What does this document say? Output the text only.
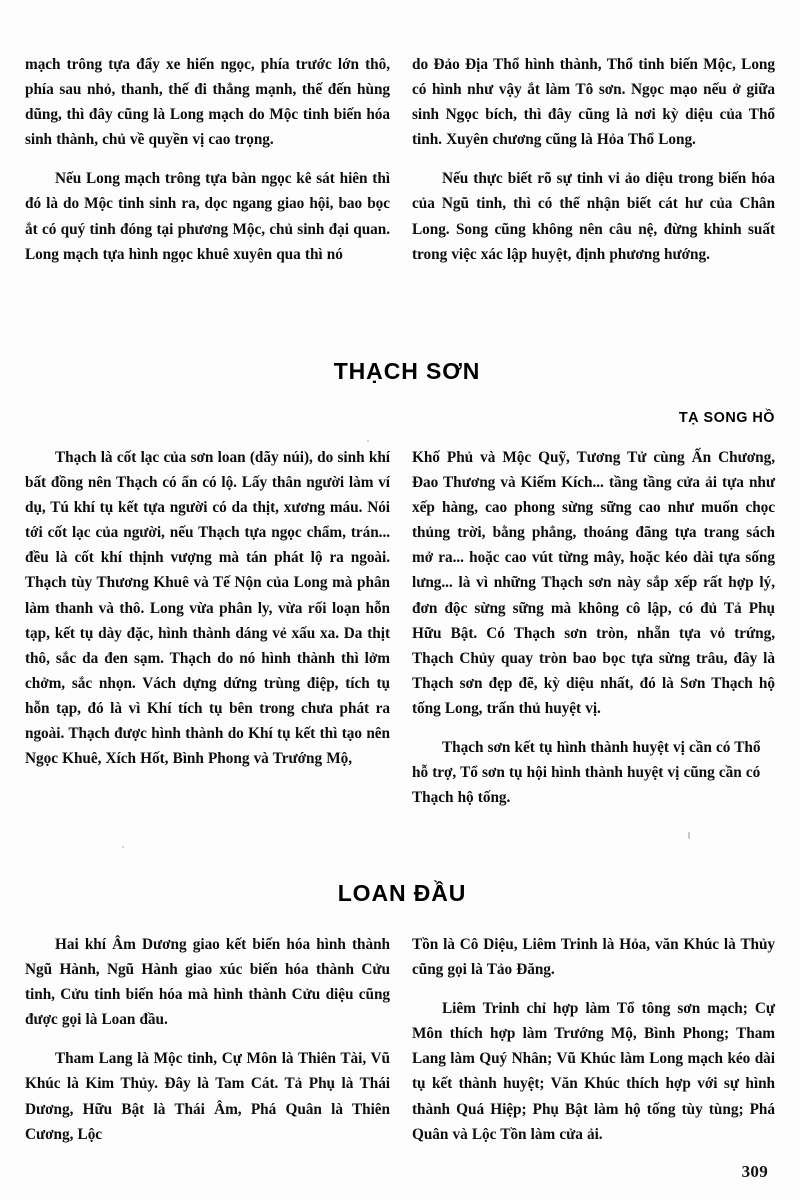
mạch trông tựa đẩy xe hiến ngọc, phía trước lớn thô, phía sau nhỏ, thanh, thế đi thẳng mạnh, thế đến hùng dũng, thì đây cũng là Long mạch do Mộc tinh biến hóa sinh thành, chủ về quyền vị cao trọng.

Nếu Long mạch trông tựa bàn ngọc kê sát hiên thì đó là do Mộc tinh sinh ra, dọc ngang giao hội, bao bọc ắt có quý tinh đóng tại phương Mộc, chủ sinh đại quan. Long mạch tựa hình ngọc khuê xuyên qua thì nó

do Đảo Địa Thổ hình thành, Thổ tinh biến Mộc, Long có hình như vậy ắt làm Tô sơn. Ngọc mạo nếu ở giữa sinh Ngọc bích, thì đây cũng là nơi kỳ diệu của Thổ tinh. Xuyên chương cũng là Hỏa Thổ Long.

Nếu thực biết rõ sự tinh vi ảo diệu trong biến hóa của Ngũ tinh, thì có thể nhận biết cát hư của Chân Long. Song cũng không nên câu nệ, đừng khinh suất trong việc xác lập huyệt, định phương hướng.

THẠCH SƠN
TẠ SONG HỒ

Thạch là cốt lạc của sơn loan (dãy núi), do sinh khí bất đồng nên Thạch có ẩn có lộ. Lấy thân người làm ví dụ, Tú khí tụ kết tựa người có da thịt, xương máu. Nói tới cốt lạc của người, nếu Thạch tựa ngọc chẩm, trán... đều là cốt khí thịnh vượng mà tán phát lộ ra ngoài. Thạch tùy Thương Khuê và Tế Nộn của Long mà phân làm thanh và thô. Long vừa phân ly, vừa rối loạn hỗn tạp, kết tụ dày đặc, hình thành dáng vẻ xấu xa. Da thịt thô, sắc da đen sạm. Thạch do nó hình thành thì lởm chởm, sắc nhọn. Vách dựng dứng trùng điệp, tích tụ hỗn tạp, đó là vì Khí tích tụ bên trong chưa phát ra ngoài. Thạch được hình thành do Khí tụ kết thì tạo nên Ngọc Khuê, Xích Hốt, Bình Phong và Trướng Mộ,

Khố Phủ và Mộc Quỹ, Tương Tử cùng Ấn Chương, Đao Thương và Kiếm Kích... tầng tầng cửa ải tựa như xếp hàng, cao phong sừng sững cao như muốn chọc thủng trời, bằng phẳng, thoáng đãng tựa trang sách mở ra... hoặc cao vút từng mây, hoặc kéo dài tựa sống lưng... là vì những Thạch sơn này sắp xếp rất hợp lý, đơn độc sừng sững mà không cô lập, có đủ Tả Phụ Hữu Bật. Có Thạch sơn tròn, nhẵn tựa vỏ trứng, Thạch Chủy quay tròn bao bọc tựa sừng trâu, đây là Thạch sơn đẹp đẽ, kỳ diệu nhất, đó là Sơn Thạch hộ tống Long, trấn thủ huyệt vị.

Thạch sơn kết tụ hình thành huyệt vị cần có Thổ hỗ trợ, Tổ sơn tụ hội hình thành huyệt vị cũng cần có Thạch hộ tống.

LOAN ĐẦU

Hai khí Âm Dương giao kết biến hóa hình thành Ngũ Hành, Ngũ Hành giao xúc biến hóa thành Cửu tinh, Cửu tinh biến hóa mà hình thành Cửu diệu cũng được gọi là Loan đầu.

Tham Lang là Mộc tinh, Cự Môn là Thiên Tài, Vũ Khúc là Kim Thủy. Đây là Tam Cát. Tả Phụ là Thái Dương, Hữu Bật là Thái Âm, Phá Quân là Thiên Cương, Lộc

Tồn là Cô Diệu, Liêm Trinh là Hỏa, văn Khúc là Thủy cũng gọi là Tảo Đăng.

Liêm Trinh chỉ hợp làm Tổ tông sơn mạch; Cự Môn thích hợp làm Trướng Mộ, Bình Phong; Tham Lang làm Quý Nhân; Vũ Khúc làm Long mạch kéo dài tụ kết thành huyệt; Văn Khúc thích hợp với sự hình thành Quá Hiệp; Phụ Bật làm hộ tống tùy tùng; Phá Quân và Lộc Tồn làm cửa ải.

309
